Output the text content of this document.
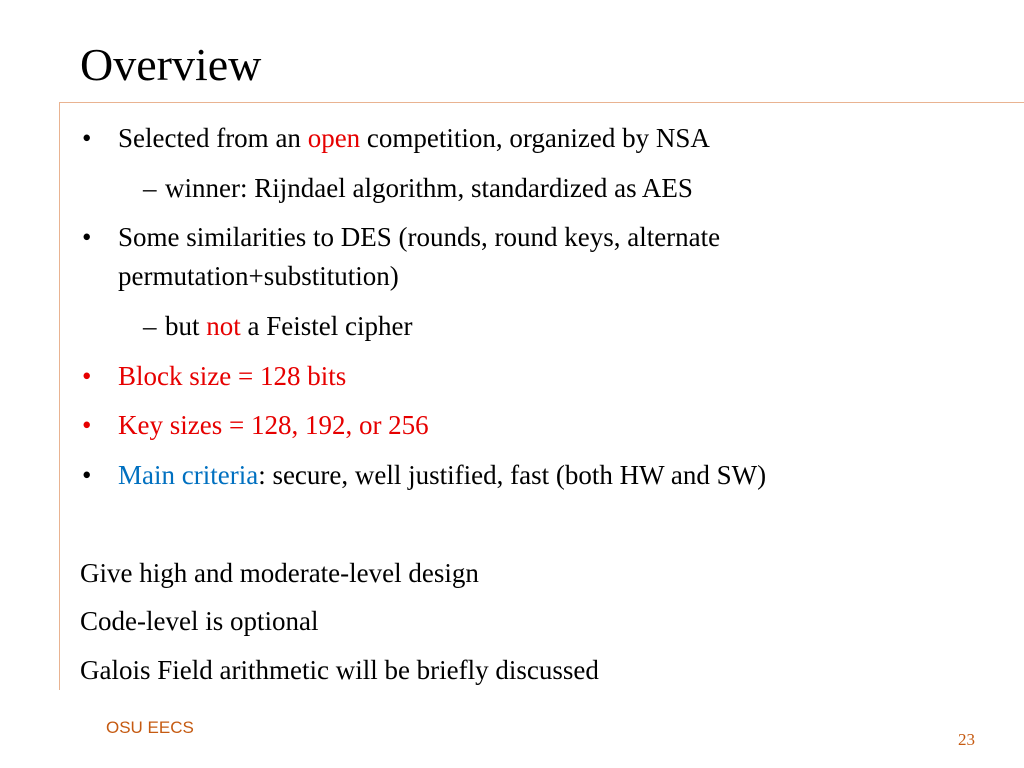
Overview
• Selected from an open competition, organized by NSA
– winner: Rijndael algorithm, standardized as AES
• Some similarities to DES (rounds, round keys, alternate
permutation+substitution)
– but not a Feistel cipher
• Block size = 128 bits
• Key sizes = 128, 192, or 256
• Main criteria: secure, well justified, fast (both HW and SW)
Give high and moderate-level design
Code-level is optional
Galois Field arithmetic will be briefly discussed
OSU EECS
23
